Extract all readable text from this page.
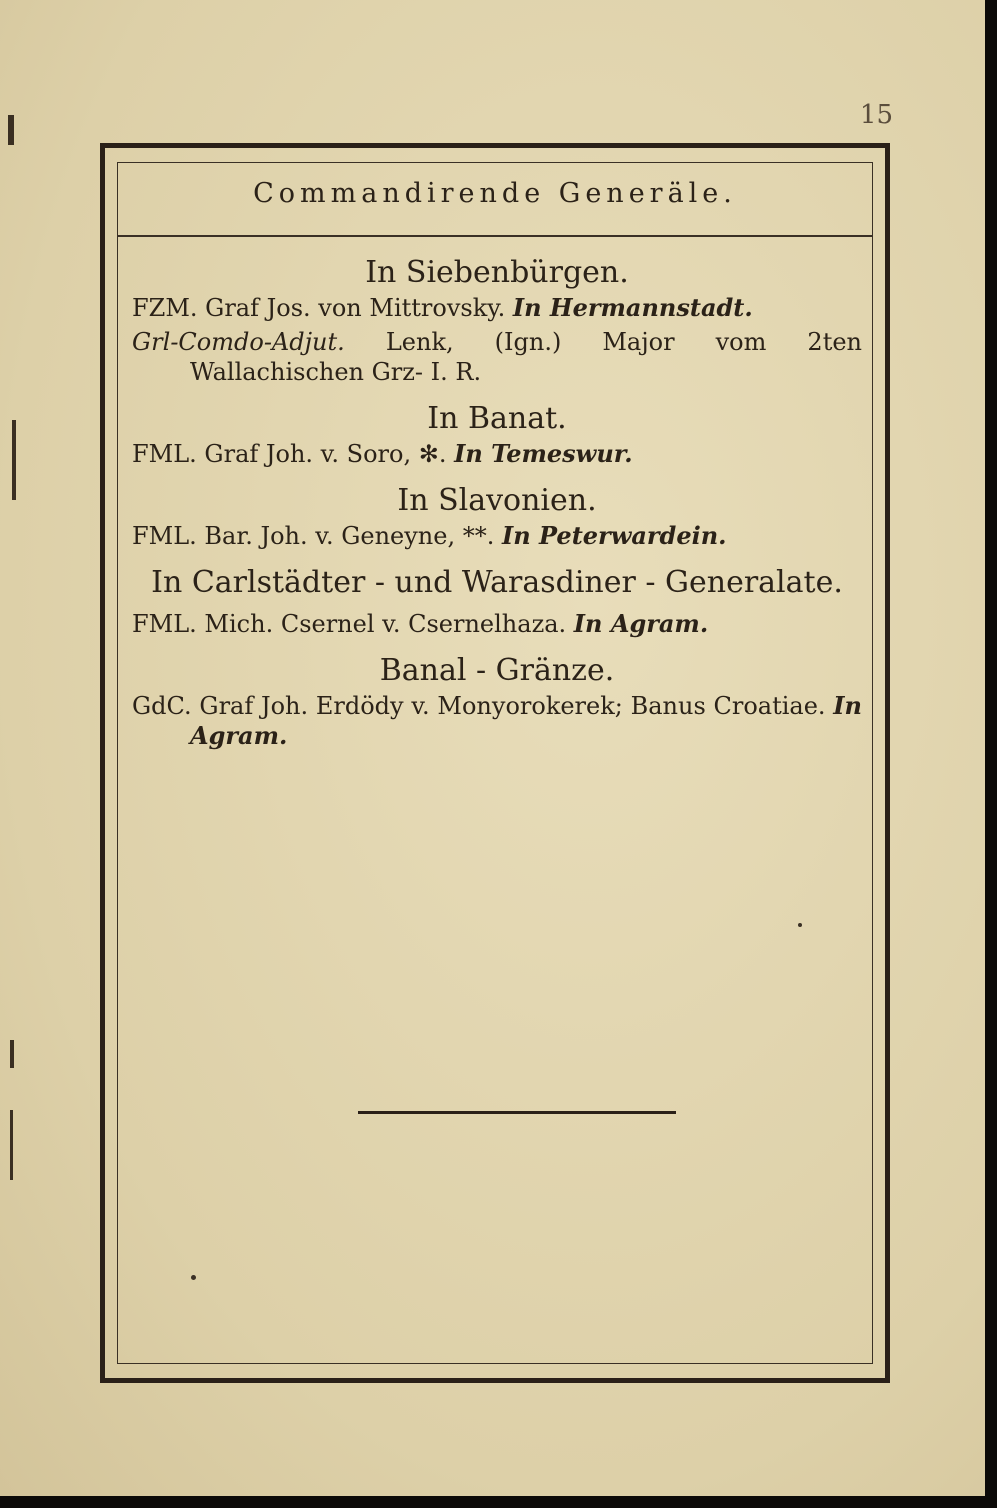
15
Commandirende Generäle.

In Siebenbürgen.

FZM. Graf Jos. von Mittrovsky. In Hermannstadt.

Grl-Comdo-Adjut. Lenk, (Ign.) Major vom 2ten Wallachischen Grz- I. R.

In Banat.

FML. Graf Joh. v. Soro, ✻. In Temeswur.

In Slavonien.

FML. Bar. Joh. v. Geneyne, **. In Peterwardein.

In Carlstädter - und Warasdiner - Generalate.

FML. Mich. Csernel v. Csernelhaza. In Agram.

Banal - Gränze.

GdC. Graf Joh. Erdödy v. Monyorokerek; Banus Croatiae. In Agram.
